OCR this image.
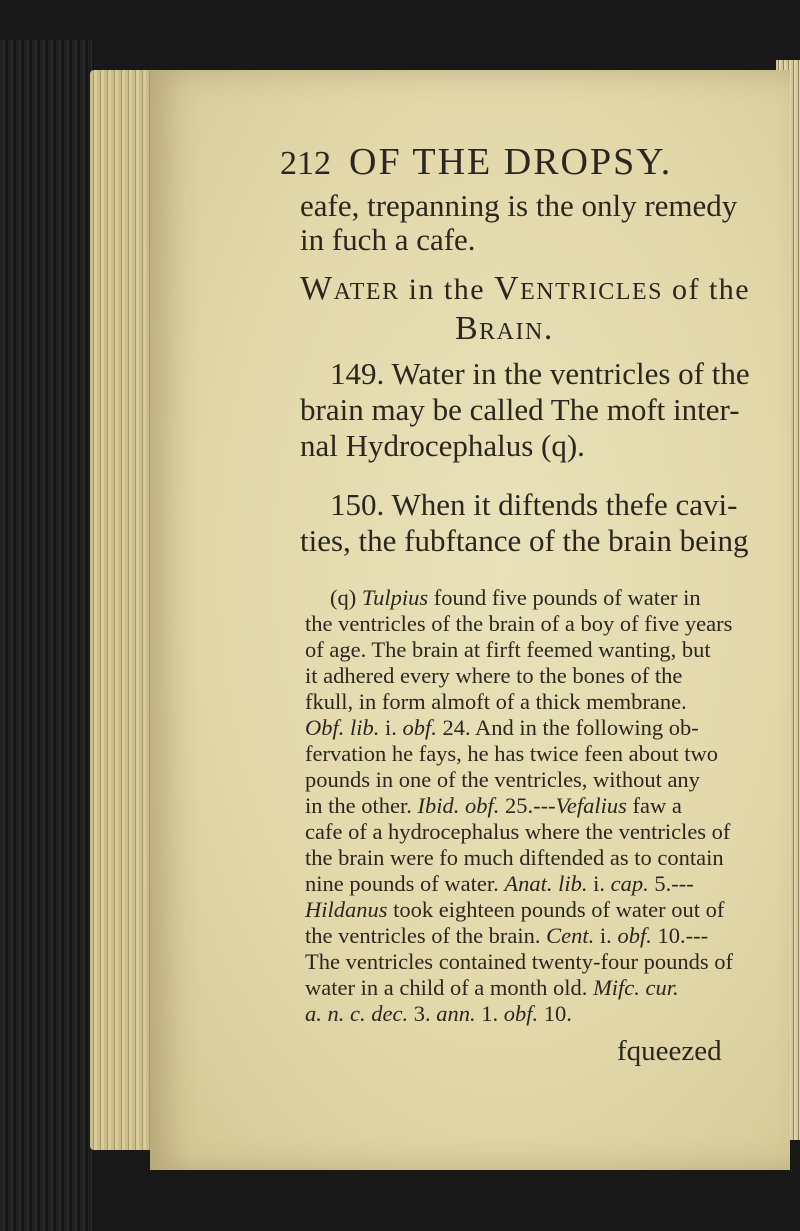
212 OF THE DROPSY.
eafe, trepanning is the only remedy
in fuch a cafe.
Water in the Ventricles of the
Brain.
149. Water in the ventricles of the
brain may be called The moft inter-
nal Hydrocephalus (q).
150. When it diftends thefe cavi-
ties, the fubftance of the brain being
(q) Tulpius found five pounds of water in
the ventricles of the brain of a boy of five years
of age. The brain at firft feemed wanting, but
it adhered every where to the bones of the
fkull, in form almoft of a thick membrane.
Obf. lib. i. obf. 24. And in the following ob-
fervation he fays, he has twice feen about two
pounds in one of the ventricles, without any
in the other. Ibid. obf. 25.---Vefalius faw a
cafe of a hydrocephalus where the ventricles of
the brain were fo much diftended as to contain
nine pounds of water. Anat. lib. i. cap. 5.---
Hildanus took eighteen pounds of water out of
the ventricles of the brain. Cent. i. obf. 10.---
The ventricles contained twenty-four pounds of
water in a child of a month old. Mifc. cur.
a. n. c. dec. 3. ann. 1. obf. 10.
fqueezed
